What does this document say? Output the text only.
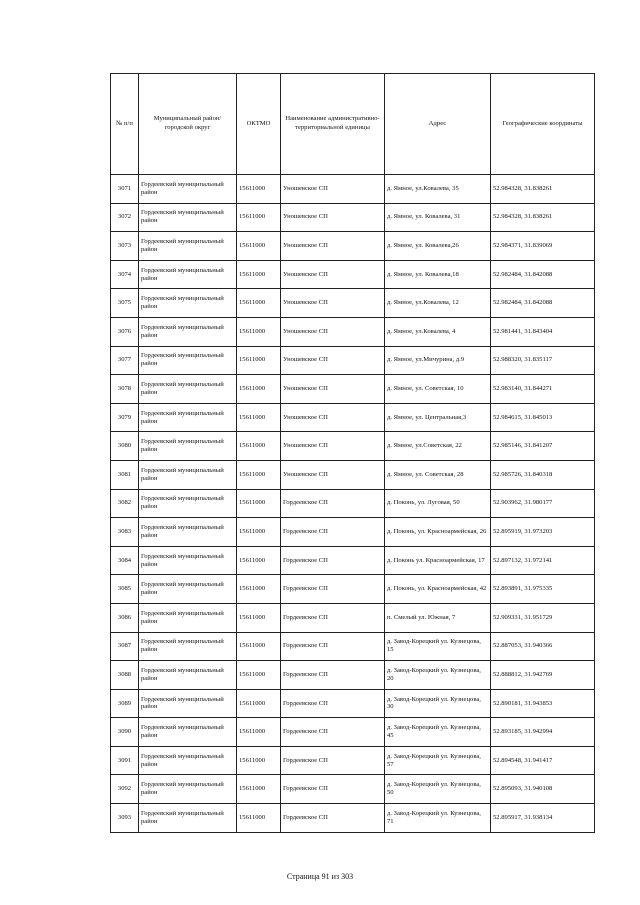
№ п/п	Муниципальный район/городской округ	ОКТМО	Наименование административно-территориальной единицы	Адрес	Географические координаты
3071	Гордеевский муниципальный район	15611000	Уношевское СП	д. Ямное, ул.Ковалева, 35	52.984328, 31.838261
3072	Гордеевский муниципальный район	15611000	Уношевское СП	д. Ямное, ул. Ковалева, 31	52.984328, 31.838261
3073	Гордеевский муниципальный район	15611000	Уношевское СП	д. Ямное, ул. Ковалева,26	52.984371, 31.839069
3074	Гордеевский муниципальный район	15611000	Уношевское СП	д. Ямное, ул. Ковалева,18	52.982484, 31.842088
3075	Гордеевский муниципальный район	15611000	Уношевское СП	д. Ямное, ул.Ковалева, 12	52.982484, 31.842088
3076	Гордеевский муниципальный район	15611000	Уношевское СП	д. Ямное, ул.Ковалева, 4	52.981441, 31.843404
3077	Гордеевский муниципальный район	15611000	Уношевское СП	д. Ямное, ул.Мичурина, д.9	52.988320, 31.835117
3078	Гордеевский муниципальный район	15611000	Уношевское СП	д. Ямное, ул. Советская, 10	52.983140, 31.844271
3079	Гордеевский муниципальный район	15611000	Уношевское СП	д. Ямное, ул. Центральная,3	52.984615, 31.845013
3080	Гордеевский муниципальный район	15611000	Уношевское СП	д. Ямное, ул.Советская, 22	52.985146, 31.841207
3081	Гордеевский муниципальный район	15611000	Уношевское СП	д. Ямное, ул. Советская, 28	52.985726, 31.840318
3082	Гордеевский муниципальный район	15611000	Гордеевское СП	д. Поконь, ул. Луговая, 50	52.903962, 31.980177
3083	Гордеевский муниципальный район	15611000	Гордеевское СП	д. Поконь, ул. Красноармейская, 26	52.895919, 31.973203
3084	Гордеевский муниципальный район	15611000	Гордеевское СП	д. Поконь ул. Красноармейская, 17	52.897132, 31.972141
3085	Гордеевский муниципальный район	15611000	Гордеевское СП	д. Поконь, ул. Красноармейская, 42	52.893891, 31.975335
3086	Гордеевский муниципальный район	15611000	Гордеевское СП	п. Смелый ул. Южная, 7	52.909331, 31.951729
3087	Гордеевский муниципальный район	15611000	Гордеевское СП	д. Завод-Корецкий ул. Кузнецова, 15	52.887053, 31.940366
3088	Гордеевский муниципальный район	15611000	Гордеевское СП	д. Завод-Корецкий ул. Кузнецова, 20	52.888812, 31.942769
3089	Гордеевский муниципальный район	15611000	Гордеевское СП	д. Завод-Корецкий ул. Кузнецова, 30	52.890181, 31.943853
3090	Гордеевский муниципальный район	15611000	Гордеевское СП	д. Завод-Корецкий ул. Кузнецова, 45	52.893185, 31.942994
3091	Гордеевский муниципальный район	15611000	Гордеевское СП	д. Завод-Корецкий ул. Кузнецова, 57	52.894548, 31.941417
3092	Гордеевский муниципальный район	15611000	Гордеевское СП	д. Завод-Корецкий ул. Кузнецова, 50	52.895093, 31.940108
3093	Гордеевский муниципальный район	15611000	Гордеевское СП	д. Завод-Корецкий ул. Кузнецова, 71	52.895917, 31.938134
Страница 91 из 303
